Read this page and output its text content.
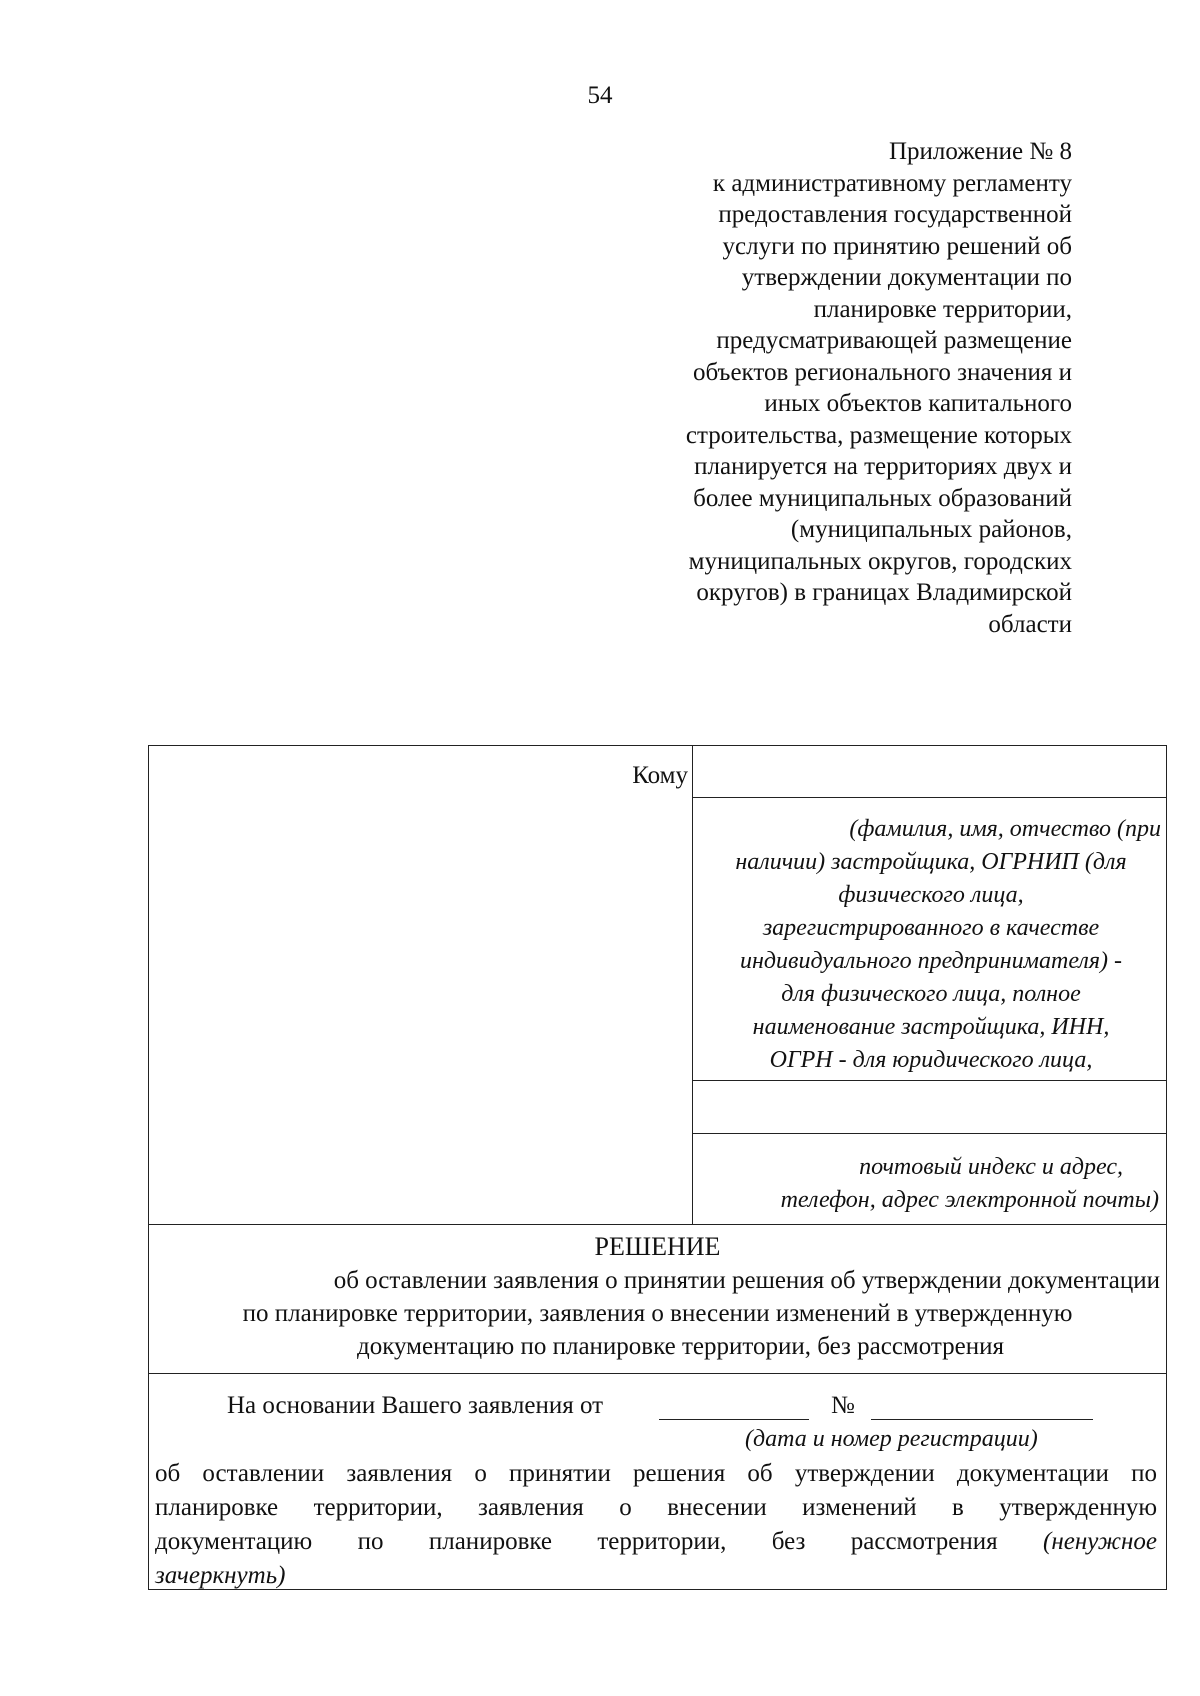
54
Приложение № 8
к административному регламенту
предоставления государственной
услуги по принятию решений об
утверждении документации по
планировке территории,
предусматривающей размещение
объектов регионального значения и
иных объектов капитального
строительства, размещение которых
планируется на территориях двух и
более муниципальных образований
(муниципальных районов,
муниципальных округов, городских
округов) в границах Владимирской
области
Кому
(фамилия, имя, отчество (при
наличии) застройщика, ОГРНИП (для
физического лица,
зарегистрированного в качестве
индивидуального предпринимателя) -
для физического лица, полное
наименование застройщика, ИНН,
ОГРН - для юридического лица,
почтовый индекс и адрес,
телефон, адрес электронной почты)
РЕШЕНИЕ
об оставлении заявления о принятии решения об утверждении документации
по планировке территории, заявления о внесении изменений в утвержденную
документацию по планировке территории, без рассмотрения
На основании Вашего заявления от	№
(дата и номер регистрации)
об оставлении заявления о принятии решения об утверждении документации по
планировке территории, заявления о внесении изменений в утвержденную
документацию по планировке территории, без рассмотрения (ненужное
зачеркнуть)
